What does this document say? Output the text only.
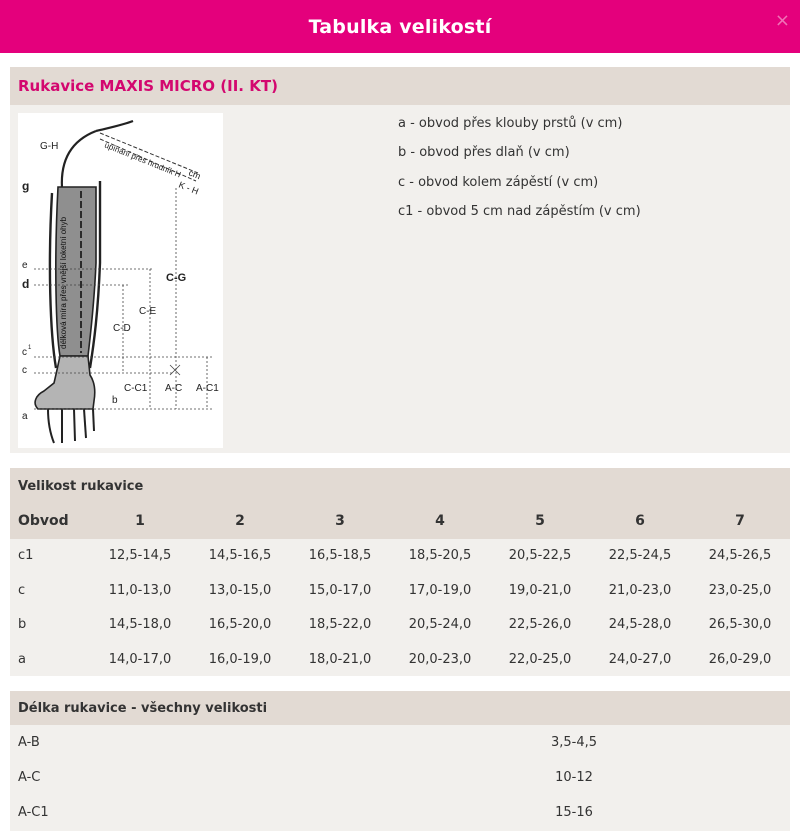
Tabulka velikostí	×
Rukavice MAXIS MICRO (II. KT)
G-H	upínání přes hrudník H cm
K - H
g
e
d
c 1
c
b
a
C-G
C-E
C-D
C-C1 A-C A-C1
délková míra přes vnější loketní ohyb
a - obvod přes klouby prstů (v cm)
b - obvod přes dlaň (v cm)
c - obvod kolem zápěstí (v cm)
c1 - obvod 5 cm nad zápěstím (v cm)
Velikost rukavice
Obvod	1	2	3	4	5	6	7
c1	12,5-14,5	14,5-16,5	16,5-18,5	18,5-20,5	20,5-22,5	22,5-24,5	24,5-26,5
c	11,0-13,0	13,0-15,0	15,0-17,0	17,0-19,0	19,0-21,0	21,0-23,0	23,0-25,0
b	14,5-18,0	16,5-20,0	18,5-22,0	20,5-24,0	22,5-26,0	24,5-28,0	26,5-30,0
a	14,0-17,0	16,0-19,0	18,0-21,0	20,0-23,0	22,0-25,0	24,0-27,0	26,0-29,0
Délka rukavice - všechny velikosti
A-B	3,5-4,5
A-C	10-12
A-C1	15-16
